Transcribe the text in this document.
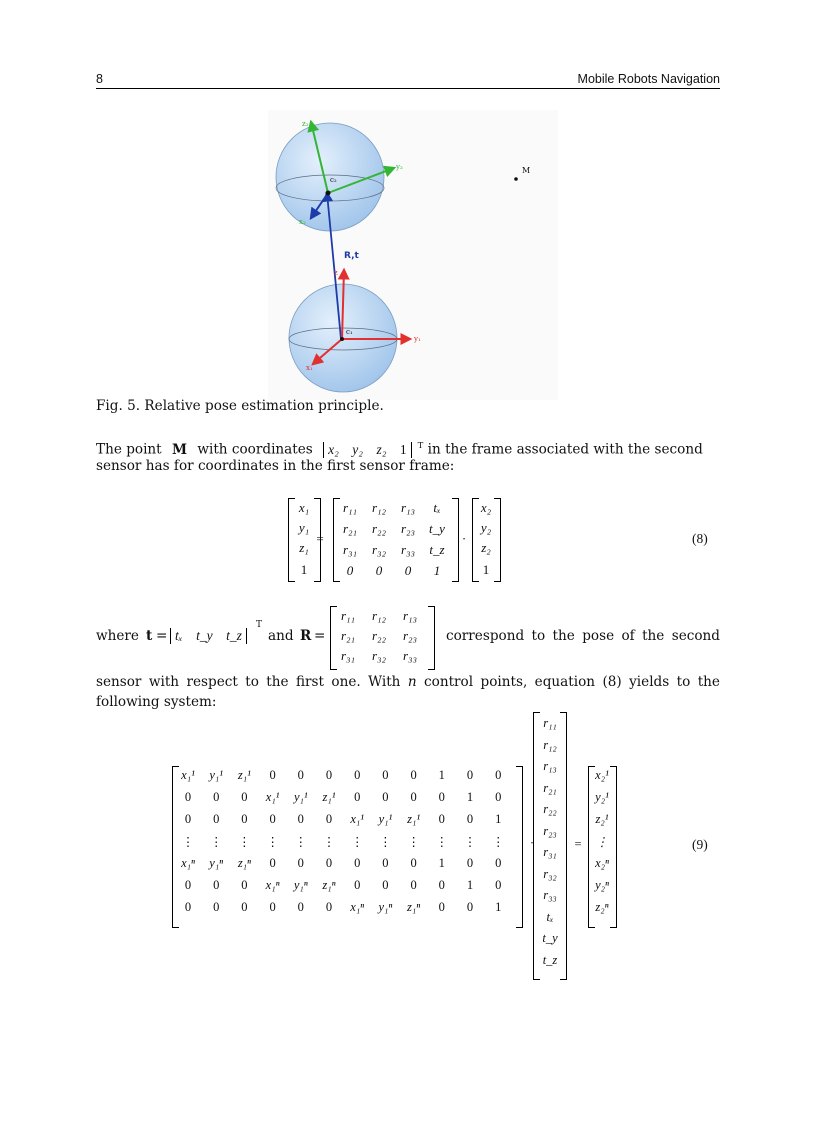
8	Mobile Robots Navigation
z₂
y₂
x₂
c₂
R,t
M
z
y₁
x₁
c₁
Fig. 5. Relative pose estimation principle.
The point M with coordinates x₂ y₂ z₂ 1 $^T$ in the frame associated with the second
sensor has for coordinates in the first sensor frame:
x₁
y₁
z₁
1
=
r₁₁	r₁₂	r₁₃	tₓ
r₂₁	r₂₂	r₂₃	t_y
r₃₁	r₃₂	r₃₃	t_z
0	0	0	1
·
x₂
y₂
z₂
1
(8)
where t = tₓ t_y t_z
T
and R =
r₁₁	r₁₂	r₁₃
r₂₁	r₂₂	r₂₃
r₃₁	r₃₂	r₃₃
correspond to the pose of the second
sensor with respect to the first one. With n control points, equation (8) yields to the
following system:
x₁¹	y₁¹	z₁¹	0	0	0	0	0	0	1	0	0
0	0	0	x₁¹	y₁¹	z₁¹	0	0	0	0	1	0
0	0	0	0	0	0	x₁¹	y₁¹	z₁¹	0	0	1
⋮	⋮	⋮	⋮	⋮	⋮	⋮	⋮	⋮	⋮	⋮	⋮
x₁ⁿ	y₁ⁿ	z₁ⁿ	0	0	0	0	0	0	1	0	0
0	0	0	x₁ⁿ	y₁ⁿ	z₁ⁿ	0	0	0	0	1	0
0	0	0	0	0	0	x₁ⁿ	y₁ⁿ	z₁ⁿ	0	0	1
·
r₁₁
r₁₂
r₁₃
r₂₁
r₂₂
r₂₃
r₃₁
r₃₂
r₃₃
tₓ
t_y
t_z
=
x₂¹
y₂¹
z₂¹
⋮
x₂ⁿ
y₂ⁿ
z₂ⁿ
(9)
